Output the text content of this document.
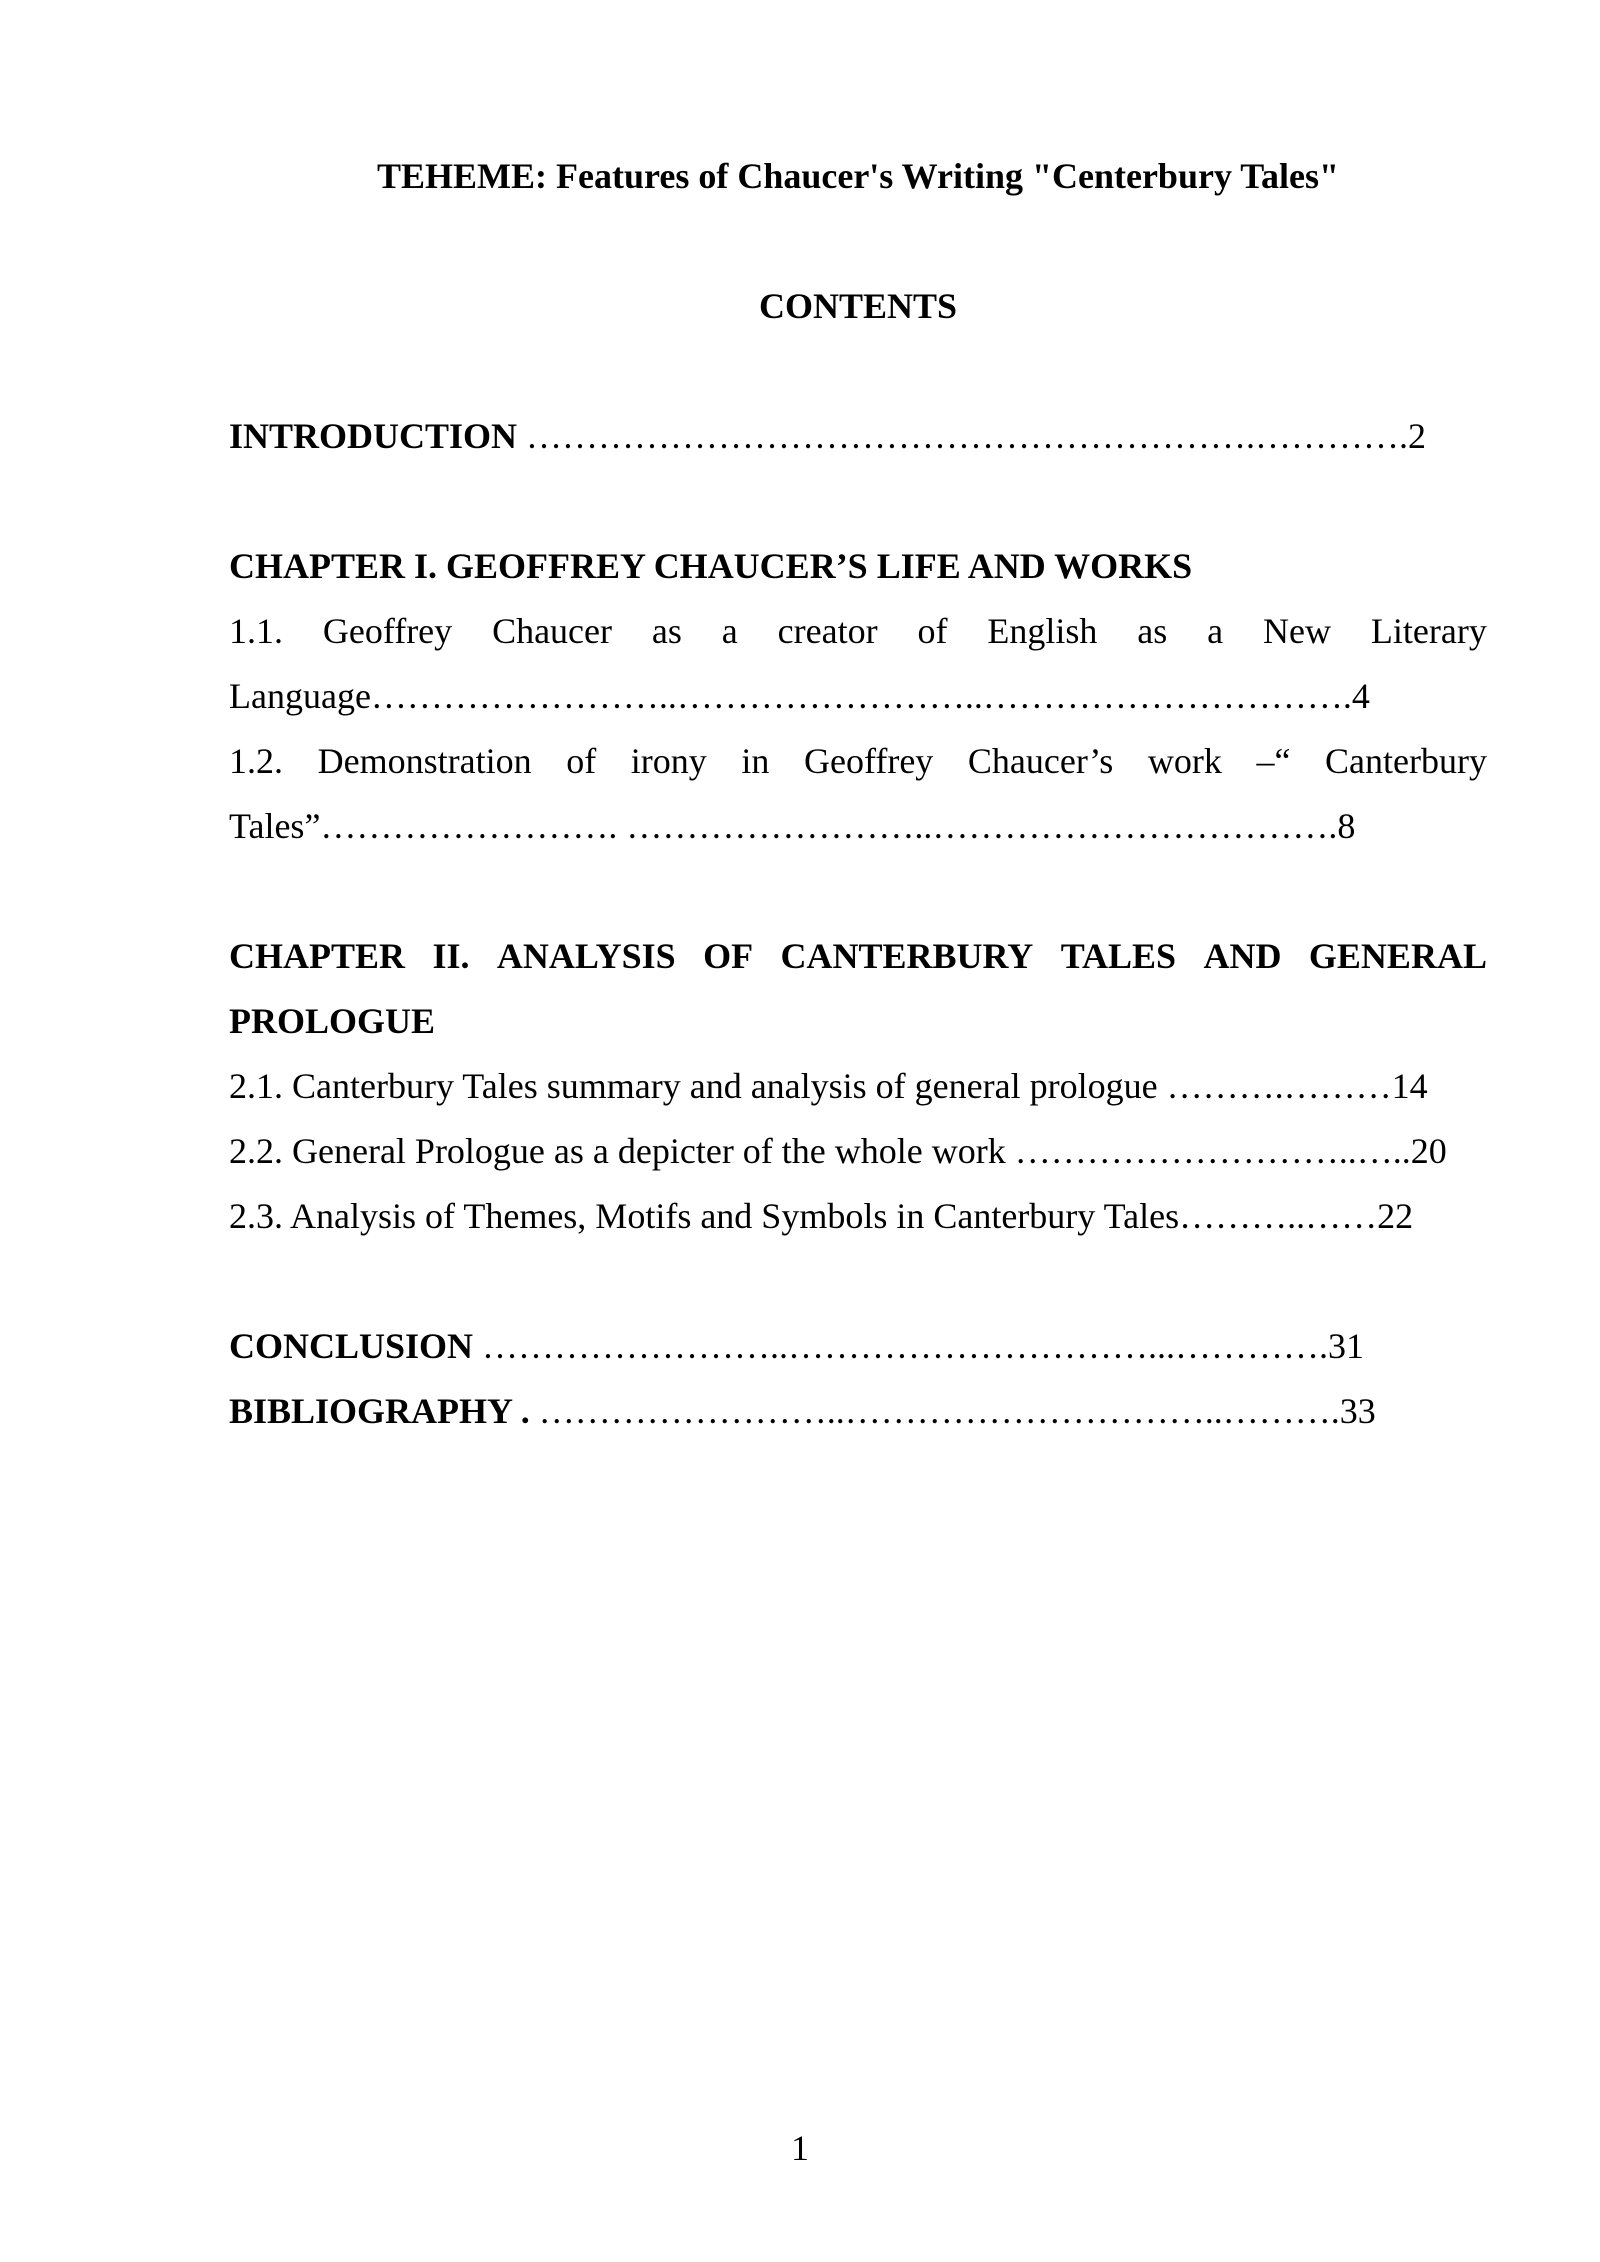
TEHEME: Features of Chaucer's Writing "Centerbury Tales"
CONTENTS
INTRODUCTION …………………………………………………….………….2
CHAPTER I. GEOFFREY CHAUCER’S LIFE AND WORKS
1.1. Geoffrey Chaucer as a creator of English as a New Literary
Language……………………..……………………..………………………….4
1.2. Demonstration of irony in Geoffrey Chaucer’s work –“ Canterbury
Tales”……………………. ……………………..…………………………….8
CHAPTER II. ANALYSIS OF CANTERBURY TALES AND GENERAL
PROLOGUE
2.1. Canterbury Tales summary and analysis of general prologue ……….………14
2.2. General Prologue as a depicter of the whole work ………………………..…..20
2.3. Analysis of Themes, Motifs and Symbols in Canterbury Tales………..……22
CONCLUSION ……………………..…………………………...………….31
BIBLIOGRAPHY . ……………………..…………………………..……….33
1
